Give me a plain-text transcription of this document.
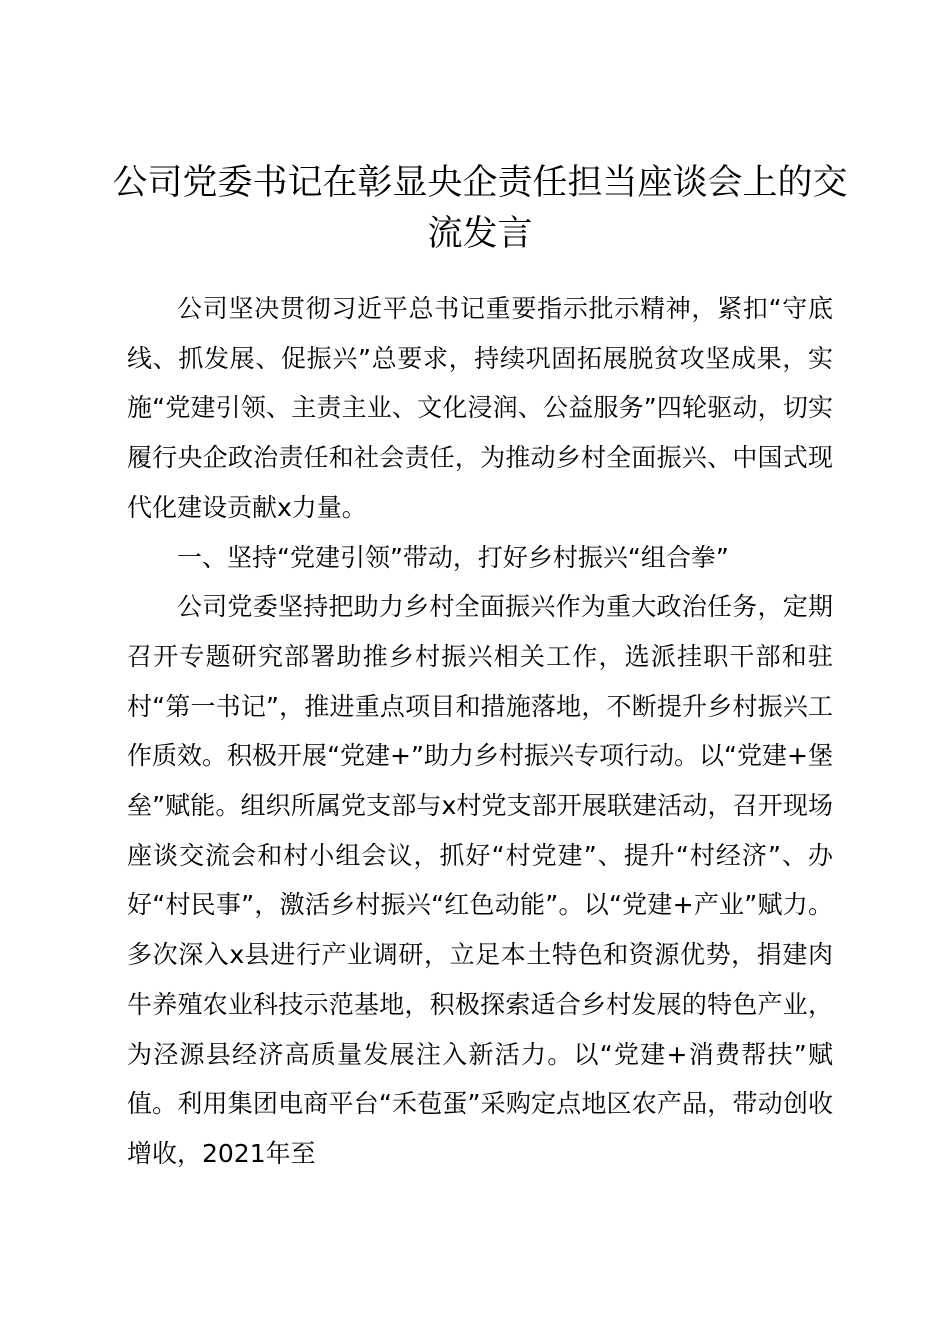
公司党委书记在彰显央企责任担当座谈会上的交流发言

公司坚决贯彻习近平总书记重要指示批示精神，紧扣“守底线、抓发展、促振兴”总要求，持续巩固拓展脱贫攻坚成果，实施“党建引领、主责主业、文化浸润、公益服务”四轮驱动，切实履行央企政治责任和社会责任，为推动乡村全面振兴、中国式现代化建设贡献x力量。

一、坚持“党建引领”带动，打好乡村振兴“组合拳”

公司党委坚持把助力乡村全面振兴作为重大政治任务，定期召开专题研究部署助推乡村振兴相关工作，选派挂职干部和驻村“第一书记”，推进重点项目和措施落地，不断提升乡村振兴工作质效。积极开展“党建+”助力乡村振兴专项行动。以“党建+堡垒”赋能。组织所属党支部与x村党支部开展联建活动，召开现场座谈交流会和村小组会议，抓好“村党建”、提升“村经济”、办好“村民事”，激活乡村振兴“红色动能”。以“党建+产业”赋力。多次深入x县进行产业调研，立足本土特色和资源优势，捐建肉牛养殖农业科技示范基地，积极探索适合乡村发展的特色产业，为泾源县经济高质量发展注入新活力。以“党建+消费帮扶”赋值。利用集团电商平台“禾苞蛋”采购定点地区农产品，带动创收增收，2021年至
